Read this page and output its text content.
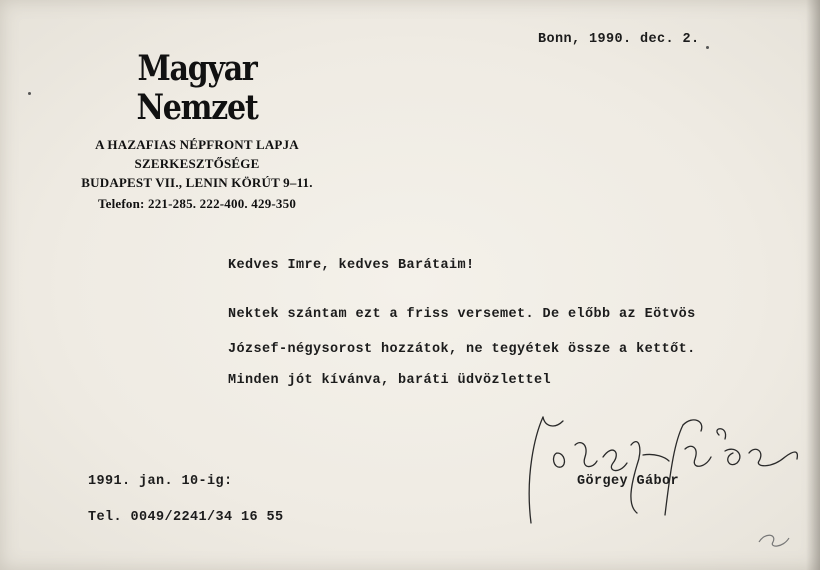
Magyar Nemzet
A HAZAFIAS NÉPFRONT LAPJA
SZERKESZTŐSÉGE
BUDAPEST VII., LENIN KÖRÚT 9–11.
Telefon: 221-285. 222-400. 429-350
Bonn, 1990. dec. 2.
Kedves Imre, kedves Barátaim!
Nektek szántam ezt a friss versemet. De előbb az Eötvös
József-négysorost hozzátok, ne tegyétek össze a kettőt.
Minden jót kívánva, baráti üdvözlettel
Görgey Gábor
1991. jan. 10-ig:
Tel. 0049/2241/34 16 55
